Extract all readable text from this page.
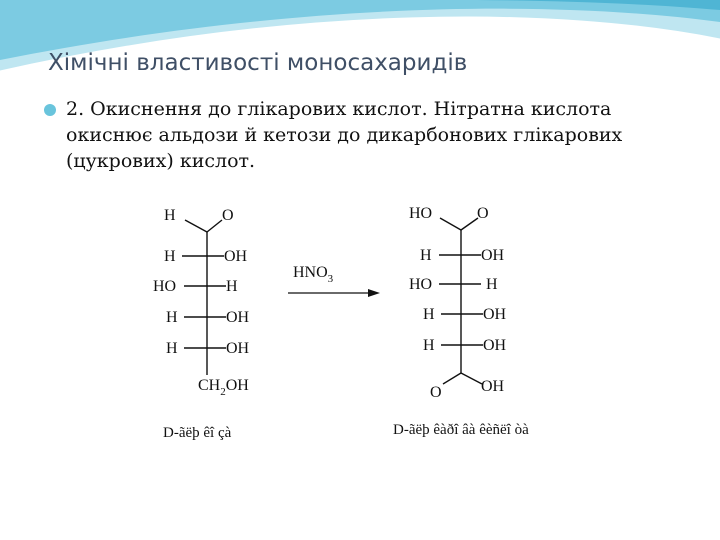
Хімічні властивості моносахаридів
2. Окиснення до глікарових кислот. Нітратна кислота окиснює альдози й кетози до дикарбонових глікарових (цукрових) кислот.
H	O
H	OH
HO	H
H	OH
H	OH
$CH_2OH$
D-ãëþ êî çà
$HNO_3$
HO	O
H	OH
HO	H
H	OH
H	OH
O OH
D-ãëþ êàðî âà êèñëî òà
